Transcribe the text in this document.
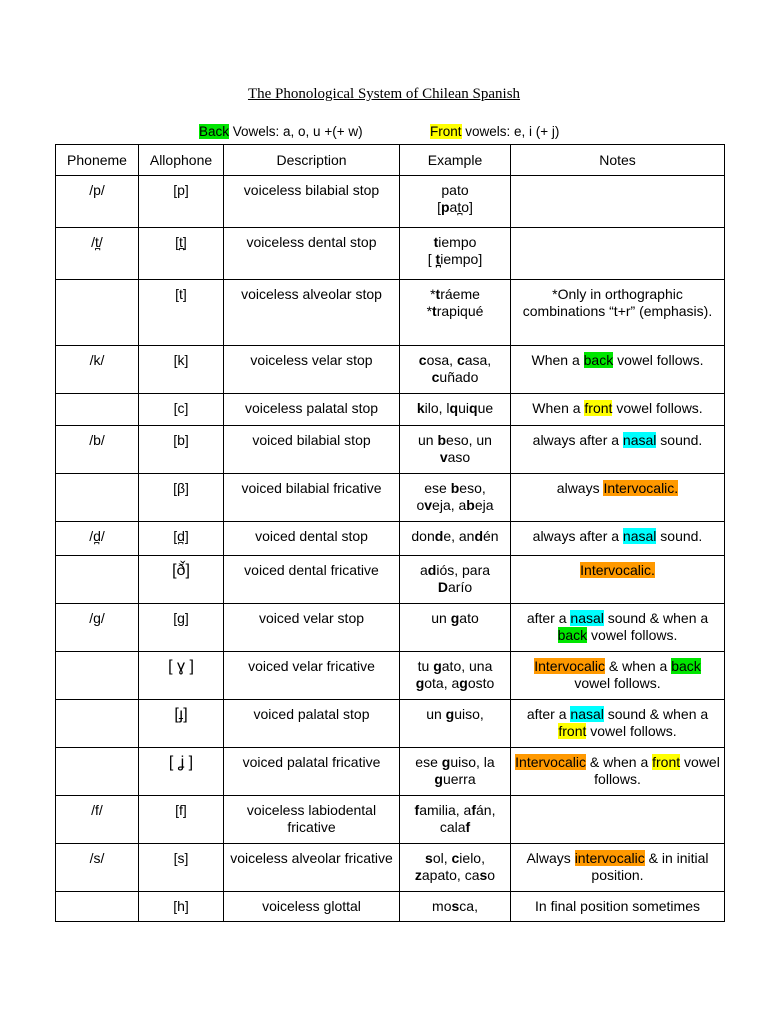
The Phonological System of Chilean Spanish
Back Vowels: a, o, u +(+ w)	Front vowels: e, i (+ j)
Phoneme	Allophone	Description	Example	Notes
/p/	[p]	voiceless bilabial stop	pato
[pat̪o]	
/t̪/	[t̪]	voiceless dental stop	tiempo
[ t̪iempo]	
	[t]	voiceless alveolar stop	*tráeme
*trapiqué	*Only in orthographic combinations “t+r” (emphasis).
/k/	[k]	voiceless velar stop	cosa, casa, cuñado	When a back vowel follows.
	[c]	voiceless palatal stop	kilo, lquique	When a front vowel follows.
/b/	[b]	voiced bilabial stop	un beso, un vaso	always after a nasal sound.
	[β]	voiced bilabial fricative	ese beso, oveja, abeja	always Intervocalic.
/d̪/	[d̪]	voiced dental stop	donde, andén	always after a nasal sound.
	[ð̌]	voiced dental fricative	adiós, para Darío	Intervocalic.
/g/	[g]	voiced velar stop	un gato	after a nasal sound & when a back vowel follows.
	[ ɣ ]	voiced velar fricative	tu gato, una gota, agosto	Intervocalic & when a back vowel follows.
	[ɟ]	voiced palatal stop	un guiso,	after a nasal sound & when a front vowel follows.
	[ ʝ ]	voiced palatal fricative	ese guiso, la guerra	Intervocalic & when a front vowel follows.
/f/	[f]	voiceless labiodental fricative	familia, afán, calaf	
/s/	[s]	voiceless alveolar fricative	sol, cielo, zapato, caso	Always intervocalic & in initial position.
	[h]	voiceless glottal	mosca,	In final position sometimes
